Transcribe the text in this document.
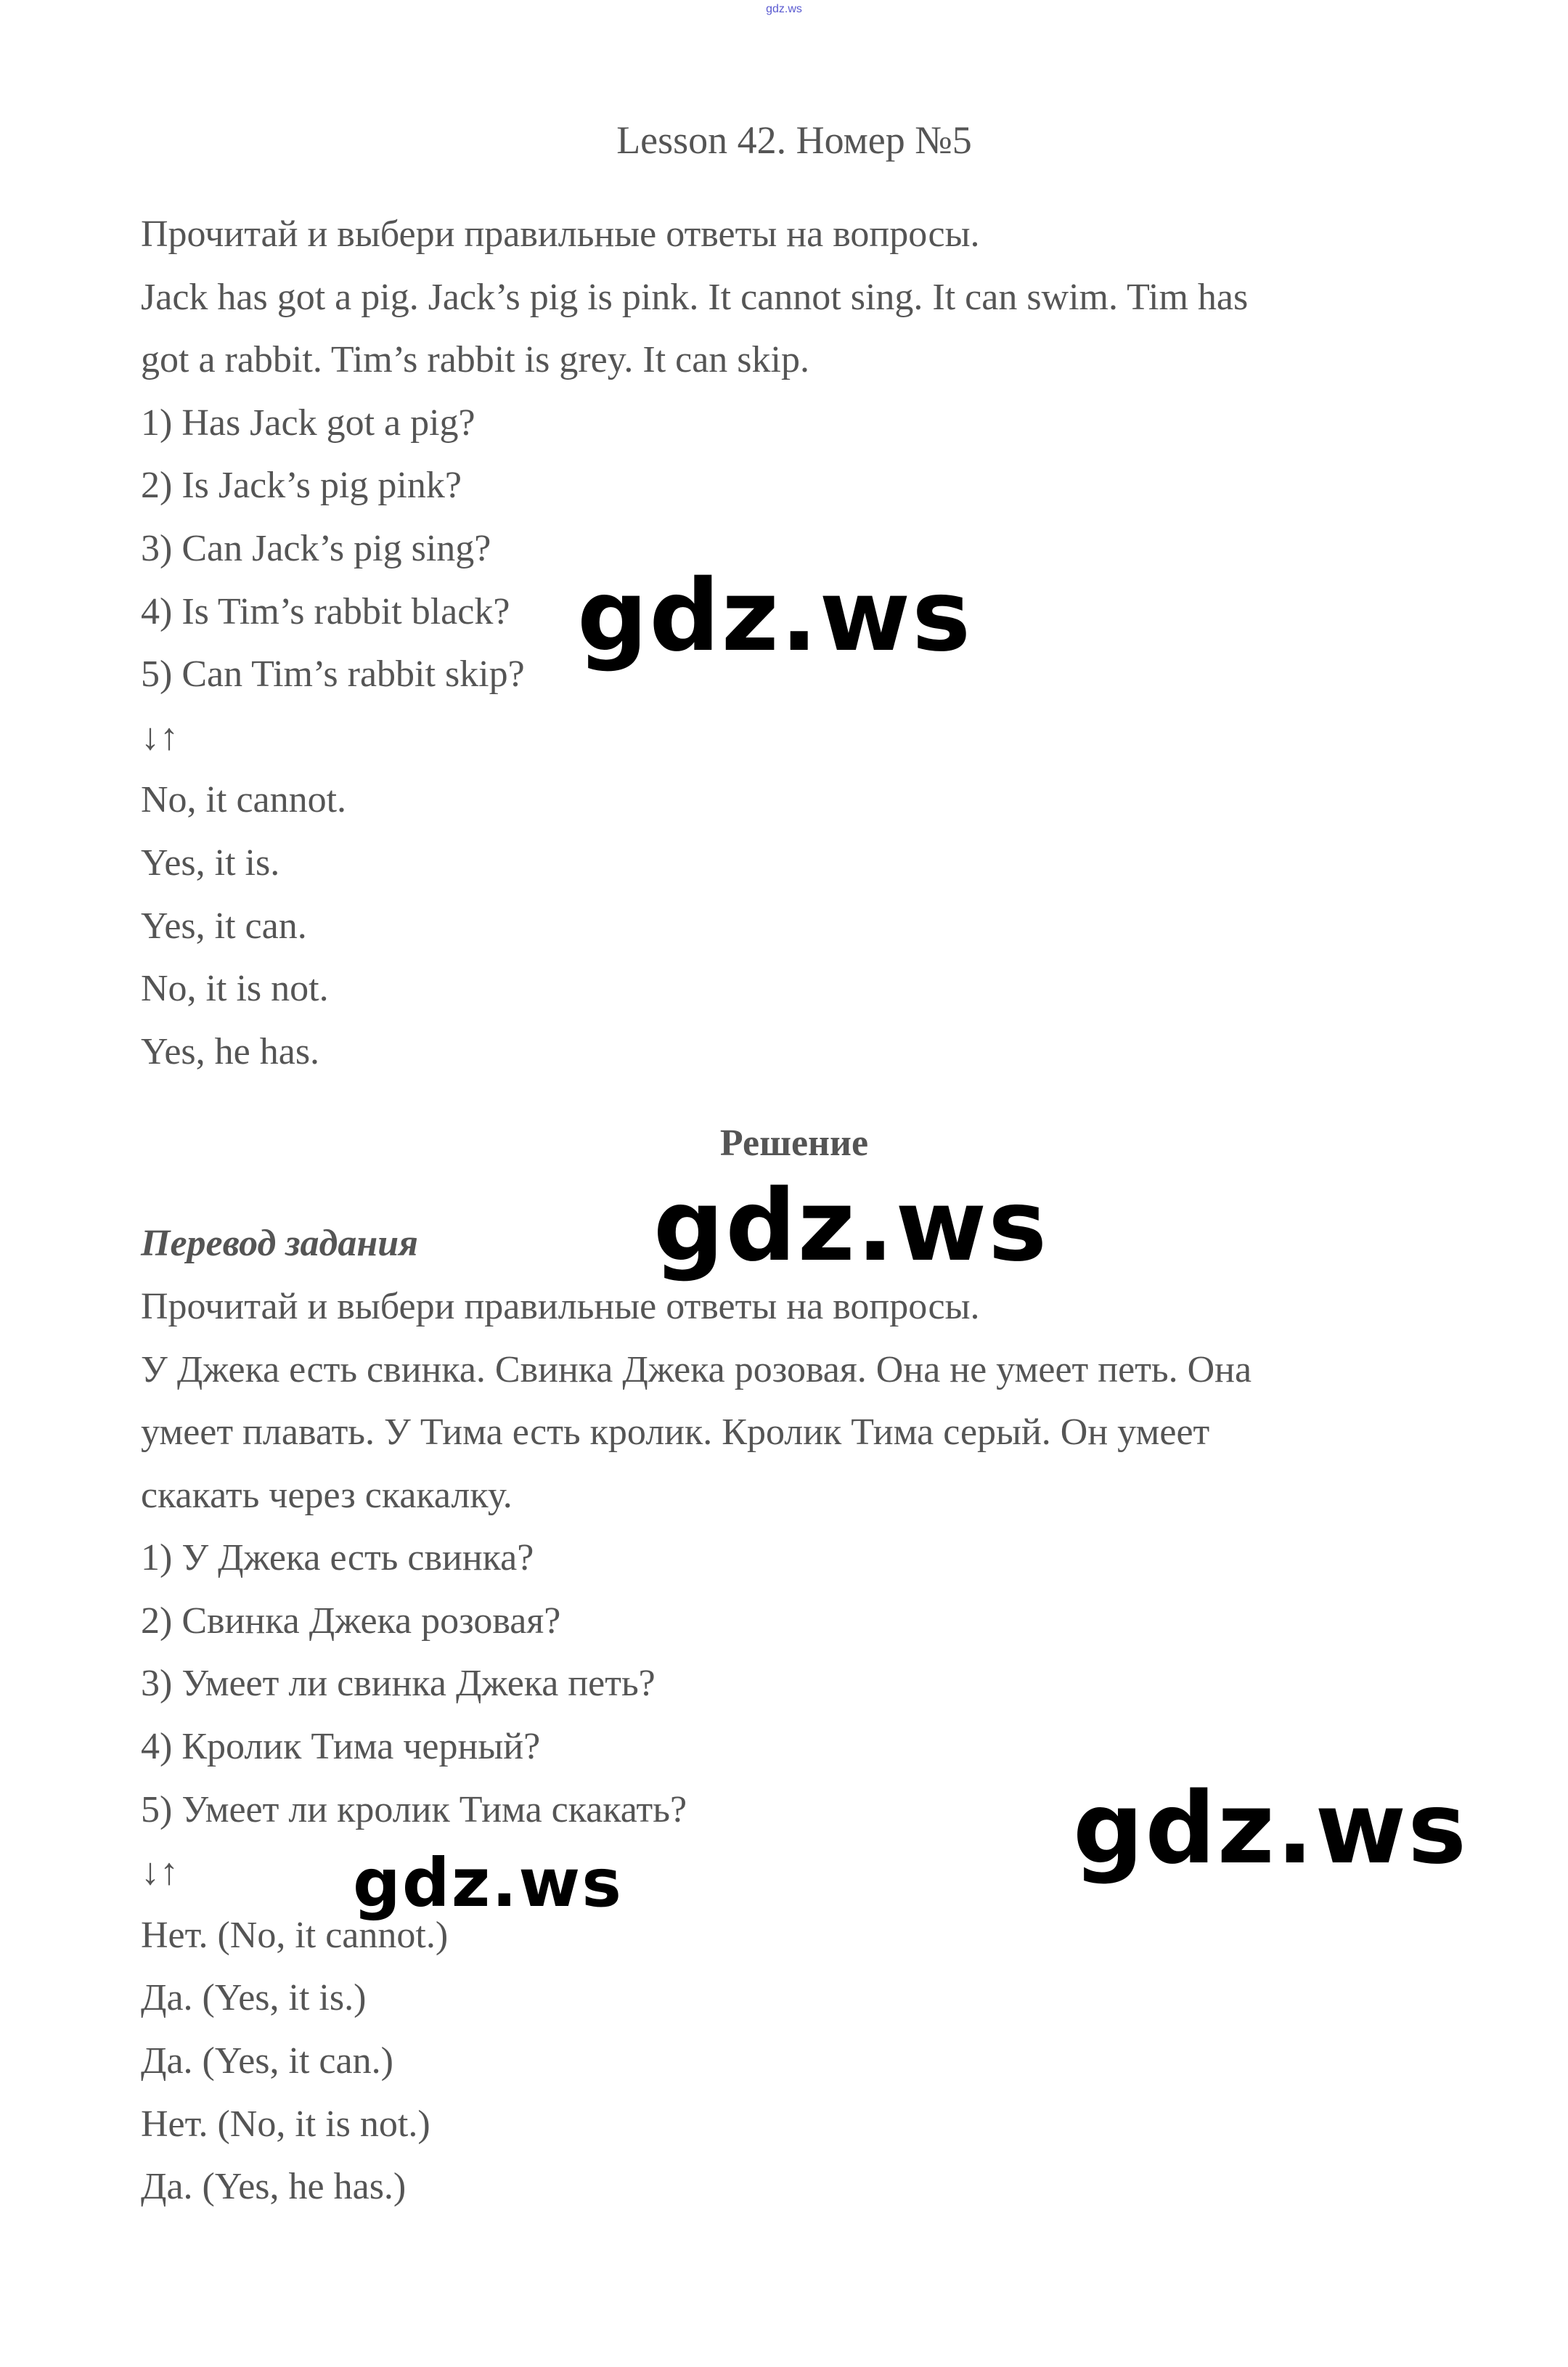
gdz.ws
Lesson 42. Номер №5

Прочитай и выбери правильные ответы на вопросы.

Jack has got a pig. Jack’s pig is pink. It cannot sing. It can swim. Tim has

got a rabbit. Tim’s rabbit is grey. It can skip.

1) Has Jack got a pig?

2) Is Jack’s pig pink?

3) Can Jack’s pig sing?

4) Is Tim’s rabbit black?

5) Can Tim’s rabbit skip?

↓↑

No, it cannot.

Yes, it is.

Yes, it can.

No, it is not.

Yes, he has.

Решение

Перевод задания

Прочитай и выбери правильные ответы на вопросы.

У Джека есть свинка. Свинка Джека розовая. Она не умеет петь. Она

умеет плавать. У Тима есть кролик. Кролик Тима серый. Он умеет

скакать через скакалку.

1) У Джека есть свинка?

2) Свинка Джека розовая?

3) Умеет ли свинка Джека петь?

4) Кролик Тима черный?

5) Умеет ли кролик Тима скакать?

↓↑

Нет. (No, it cannot.)

Да. (Yes, it is.)

Да. (Yes, it can.)

Нет. (No, it is not.)

Да. (Yes, he has.)

gdz.ws
gdz.ws
gdz.ws
gdz.ws
